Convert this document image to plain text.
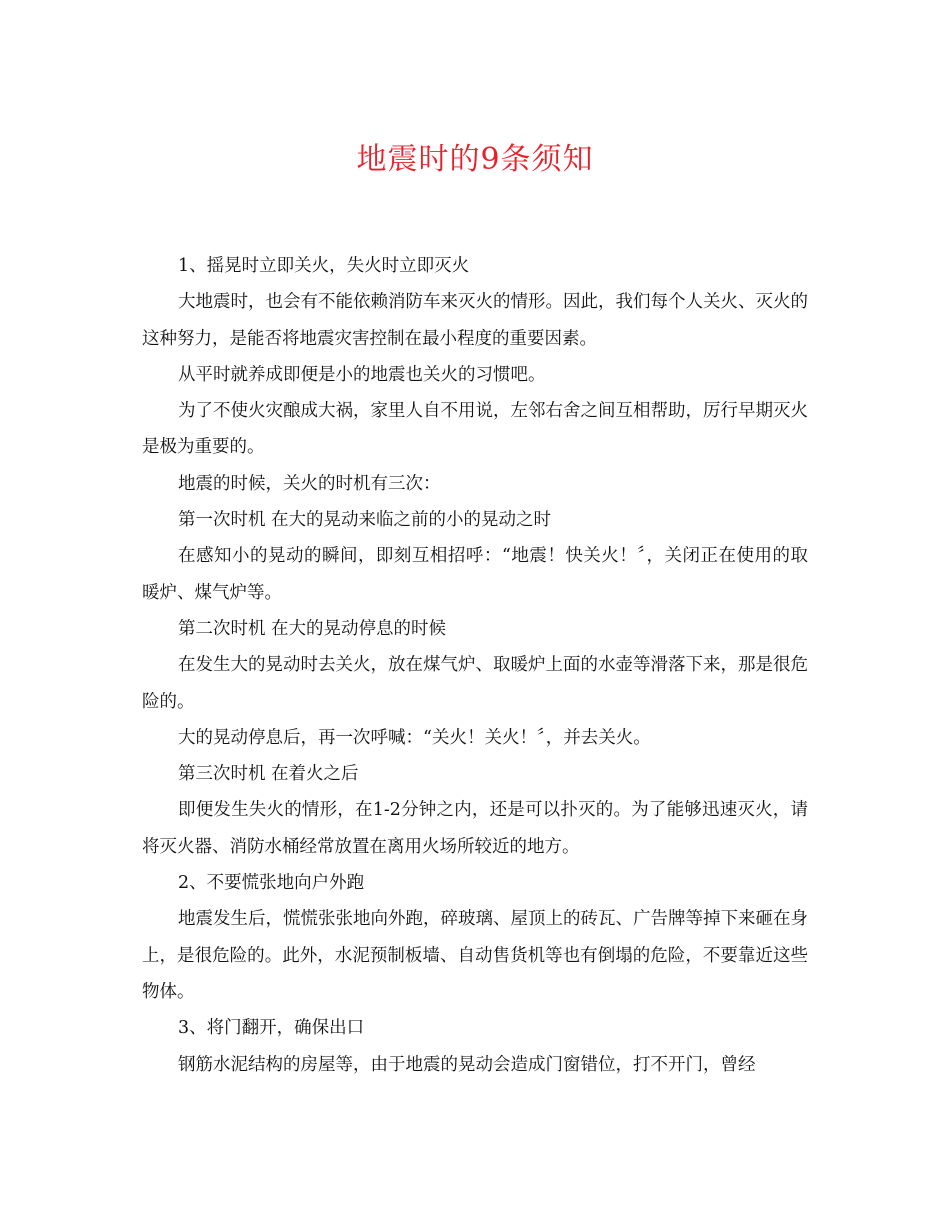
地震时的9条须知

1、摇晃时立即关火，失火时立即灭火

大地震时，也会有不能依赖消防车来灭火的情形。因此，我们每个人关火、灭火的这种努力，是能否将地震灾害控制在最小程度的重要因素。

从平时就养成即便是小的地震也关火的习惯吧。

为了不使火灾酿成大祸，家里人自不用说，左邻右舍之间互相帮助，厉行早期灭火是极为重要的。

地震的时候，关火的时机有三次：

第一次时机 在大的晃动来临之前的小的晃动之时

在感知小的晃动的瞬间，即刻互相招呼：“地震！快关火！〞，关闭正在使用的取暖炉、煤气炉等。

第二次时机 在大的晃动停息的时候

在发生大的晃动时去关火，放在煤气炉、取暖炉上面的水壶等滑落下来，那是很危险的。

大的晃动停息后，再一次呼喊：“关火！关火！〞，并去关火。

第三次时机 在着火之后

即便发生失火的情形，在1-2分钟之内，还是可以扑灭的。为了能够迅速灭火，请将灭火器、消防水桶经常放置在离用火场所较近的地方。

2、不要慌张地向户外跑

地震发生后，慌慌张张地向外跑，碎玻璃、屋顶上的砖瓦、广告牌等掉下来砸在身上，是很危险的。此外，水泥预制板墙、自动售货机等也有倒塌的危险，不要靠近这些物体。

3、将门翻开，确保出口

钢筋水泥结构的房屋等，由于地震的晃动会造成门窗错位，打不开门，曾经
